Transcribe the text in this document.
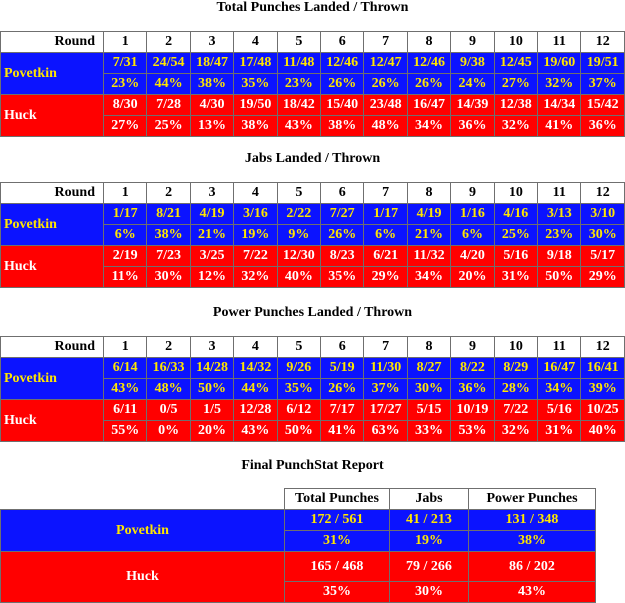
Total Punches Landed / Thrown
Round	1	2	3	4	5	6	7	8	9	10	11	12
Povetkin	7/31	24/54	18/47	17/48	11/48	12/46	12/47	12/46	9/38	12/45	19/60	19/51
	23%	44%	38%	35%	23%	26%	26%	26%	24%	27%	32%	37%
Huck	8/30	7/28	4/30	19/50	18/42	15/40	23/48	16/47	14/39	12/38	14/34	15/42
	27%	25%	13%	38%	43%	38%	48%	34%	36%	32%	41%	36%
Jabs Landed / Thrown
Round	1	2	3	4	5	6	7	8	9	10	11	12
Povetkin	1/17	8/21	4/19	3/16	2/22	7/27	1/17	4/19	1/16	4/16	3/13	3/10
	6%	38%	21%	19%	9%	26%	6%	21%	6%	25%	23%	30%
Huck	2/19	7/23	3/25	7/22	12/30	8/23	6/21	11/32	4/20	5/16	9/18	5/17
	11%	30%	12%	32%	40%	35%	29%	34%	20%	31%	50%	29%
Power Punches Landed / Thrown
Round	1	2	3	4	5	6	7	8	9	10	11	12
Povetkin	6/14	16/33	14/28	14/32	9/26	5/19	11/30	8/27	8/22	8/29	16/47	16/41
	43%	48%	50%	44%	35%	26%	37%	30%	36%	28%	34%	39%
Huck	6/11	0/5	1/5	12/28	6/12	7/17	17/27	5/15	10/19	7/22	5/16	10/25
	55%	0%	20%	43%	50%	41%	63%	33%	53%	32%	31%	40%
Final PunchStat Report
	Total Punches	Jabs	Power Punches
Povetkin	172 / 561	41 / 213	131 / 348
	31%	19%	38%
Huck	165 / 468	79 / 266	86 / 202
	35%	30%	43%
